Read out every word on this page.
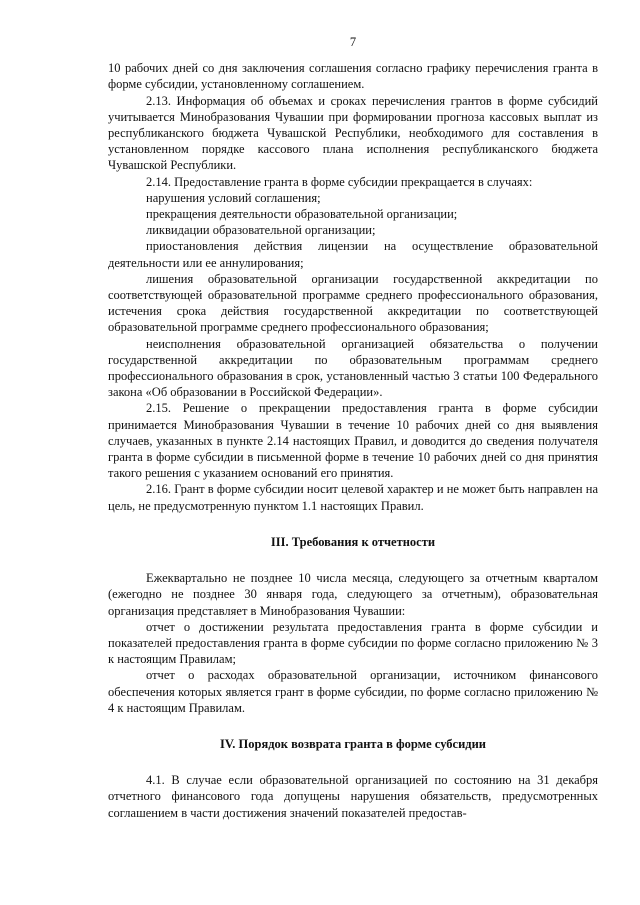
7

10 рабочих дней со дня заключения соглашения согласно графику перечисления гранта в форме субсидии, установленному соглашением.

2.13. Информация об объемах и сроках перечисления грантов в форме субсидий учитывается Минобразования Чувашии при формировании прогноза кассовых выплат из республиканского бюджета Чувашской Республики, необходимого для составления в установленном порядке кассового плана исполнения республиканского бюджета Чувашской Республики.

2.14. Предоставление гранта в форме субсидии прекращается в случаях:

нарушения условий соглашения;

прекращения деятельности образовательной организации;

ликвидации образовательной организации;

приостановления действия лицензии на осуществление образовательной деятельности или ее аннулирования;

лишения образовательной организации государственной аккредитации по соответствующей образовательной программе среднего профессионального образования, истечения срока действия государственной аккредитации по соответствующей образовательной программе среднего профессионального образования;

неисполнения образовательной организацией обязательства о получении государственной аккредитации по образовательным программам среднего профессионального образования в срок, установленный частью 3 статьи 100 Федерального закона «Об образовании в Российской Федерации».

2.15. Решение о прекращении предоставления гранта в форме субсидии принимается Минобразования Чувашии в течение 10 рабочих дней со дня выявления случаев, указанных в пункте 2.14 настоящих Правил, и доводится до сведения получателя гранта в форме субсидии в письменной форме в течение 10 рабочих дней со дня принятия такого решения с указанием оснований его принятия.

2.16. Грант в форме субсидии носит целевой характер и не может быть направлен на цель, не предусмотренную пунктом 1.1 настоящих Правил.

III. Требования к отчетности

Ежеквартально не позднее 10 числа месяца, следующего за отчетным кварталом (ежегодно не позднее 30 января года, следующего за отчетным), образовательная организация представляет в Минобразования Чувашии:

отчет о достижении результата предоставления гранта в форме субсидии и показателей предоставления гранта в форме субсидии по форме согласно приложению № 3 к настоящим Правилам;

отчет о расходах образовательной организации, источником финансового обеспечения которых является грант в форме субсидии, по форме согласно приложению № 4 к настоящим Правилам.

IV. Порядок возврата гранта в форме субсидии

4.1. В случае если образовательной организацией по состоянию на 31 декабря отчетного финансового года допущены нарушения обязательств, предусмотренных соглашением в части достижения значений показателей предостав-
